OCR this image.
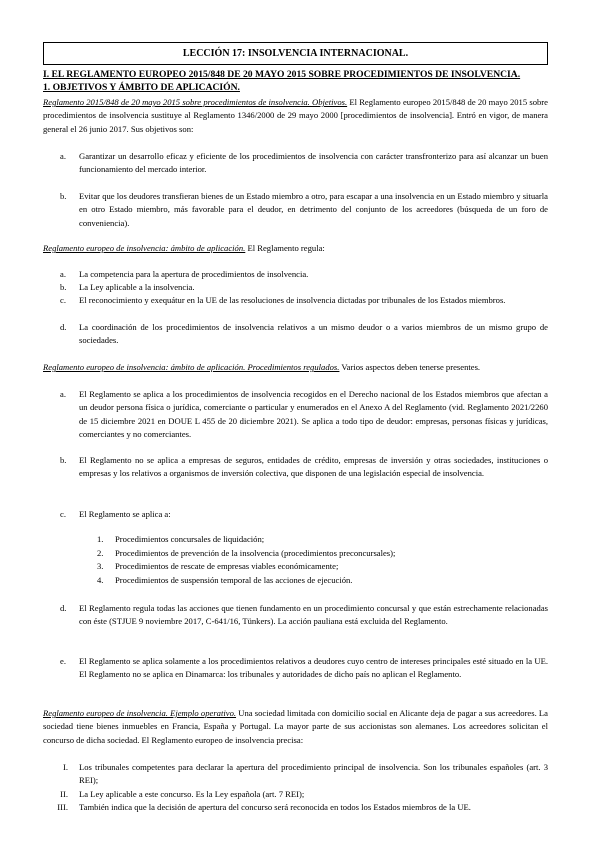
LECCIÓN 17: INSOLVENCIA INTERNACIONAL.
I. EL REGLAMENTO EUROPEO 2015/848 DE 20 MAYO 2015 SOBRE PROCEDIMIENTOS DE INSOLVENCIA.
1. OBJETIVOS Y ÁMBITO DE APLICACIÓN.
Reglamento 2015/848 de 20 mayo 2015 sobre procedimientos de insolvencia. Objetivos. El Reglamento europeo 2015/848 de 20 mayo 2015 sobre procedimientos de insolvencia sustituye al Reglamento 1346/2000 de 29 mayo 2000 [procedimientos de insolvencia]. Entró en vigor, de manera general el 26 junio 2017. Sus objetivos son:
a. Garantizar un desarrollo eficaz y eficiente de los procedimientos de insolvencia con carácter transfronterizo para así alcanzar un buen funcionamiento del mercado interior.
b. Evitar que los deudores transfieran bienes de un Estado miembro a otro, para escapar a una insolvencia en un Estado miembro y situarla en otro Estado miembro, más favorable para el deudor, en detrimento del conjunto de los acreedores (búsqueda de un foro de conveniencia).
Reglamento europeo de insolvencia: ámbito de aplicación. El Reglamento regula:
a. La competencia para la apertura de procedimientos de insolvencia.
b. La Ley aplicable a la insolvencia.
c. El reconocimiento y exequátur en la UE de las resoluciones de insolvencia dictadas por tribunales de los Estados miembros.
d. La coordinación de los procedimientos de insolvencia relativos a un mismo deudor o a varios miembros de un mismo grupo de sociedades.
Reglamento europeo de insolvencia: ámbito de aplicación. Procedimientos regulados. Varios aspectos deben tenerse presentes.
a. El Reglamento se aplica a los procedimientos de insolvencia recogidos en el Derecho nacional de los Estados miembros que afectan a un deudor persona física o jurídica, comerciante o particular y enumerados en el Anexo A del Reglamento (vid. Reglamento 2021/2260 de 15 diciembre 2021 en DOUE L 455 de 20 diciembre 2021). Se aplica a todo tipo de deudor: empresas, personas físicas y jurídicas, comerciantes y no comerciantes.
b. El Reglamento no se aplica a empresas de seguros, entidades de crédito, empresas de inversión y otras sociedades, instituciones o empresas y los relativos a organismos de inversión colectiva, que disponen de una legislación especial de insolvencia.
c. El Reglamento se aplica a:
1. Procedimientos concursales de liquidación;
2. Procedimientos de prevención de la insolvencia (procedimientos preconcursales);
3. Procedimientos de rescate de empresas viables económicamente;
4. Procedimientos de suspensión temporal de las acciones de ejecución.
d. El Reglamento regula todas las acciones que tienen fundamento en un procedimiento concursal y que están estrechamente relacionadas con éste (STJUE 9 noviembre 2017, C-641/16, Tünkers). La acción pauliana está excluida del Reglamento.
e. El Reglamento se aplica solamente a los procedimientos relativos a deudores cuyo centro de intereses principales esté situado en la UE. El Reglamento no se aplica en Dinamarca: los tribunales y autoridades de dicho país no aplican el Reglamento.
Reglamento europeo de insolvencia. Ejemplo operativo. Una sociedad limitada con domicilio social en Alicante deja de pagar a sus acreedores. La sociedad tiene bienes inmuebles en Francia, España y Portugal. La mayor parte de sus accionistas son alemanes. Los acreedores solicitan el concurso de dicha sociedad. El Reglamento europeo de insolvencia precisa:
I. Los tribunales competentes para declarar la apertura del procedimiento principal de insolvencia. Son los tribunales españoles (art. 3 REI);
II. La Ley aplicable a este concurso. Es la Ley española (art. 7 REI);
III. También indica que la decisión de apertura del concurso será reconocida en todos los Estados miembros de la UE.
